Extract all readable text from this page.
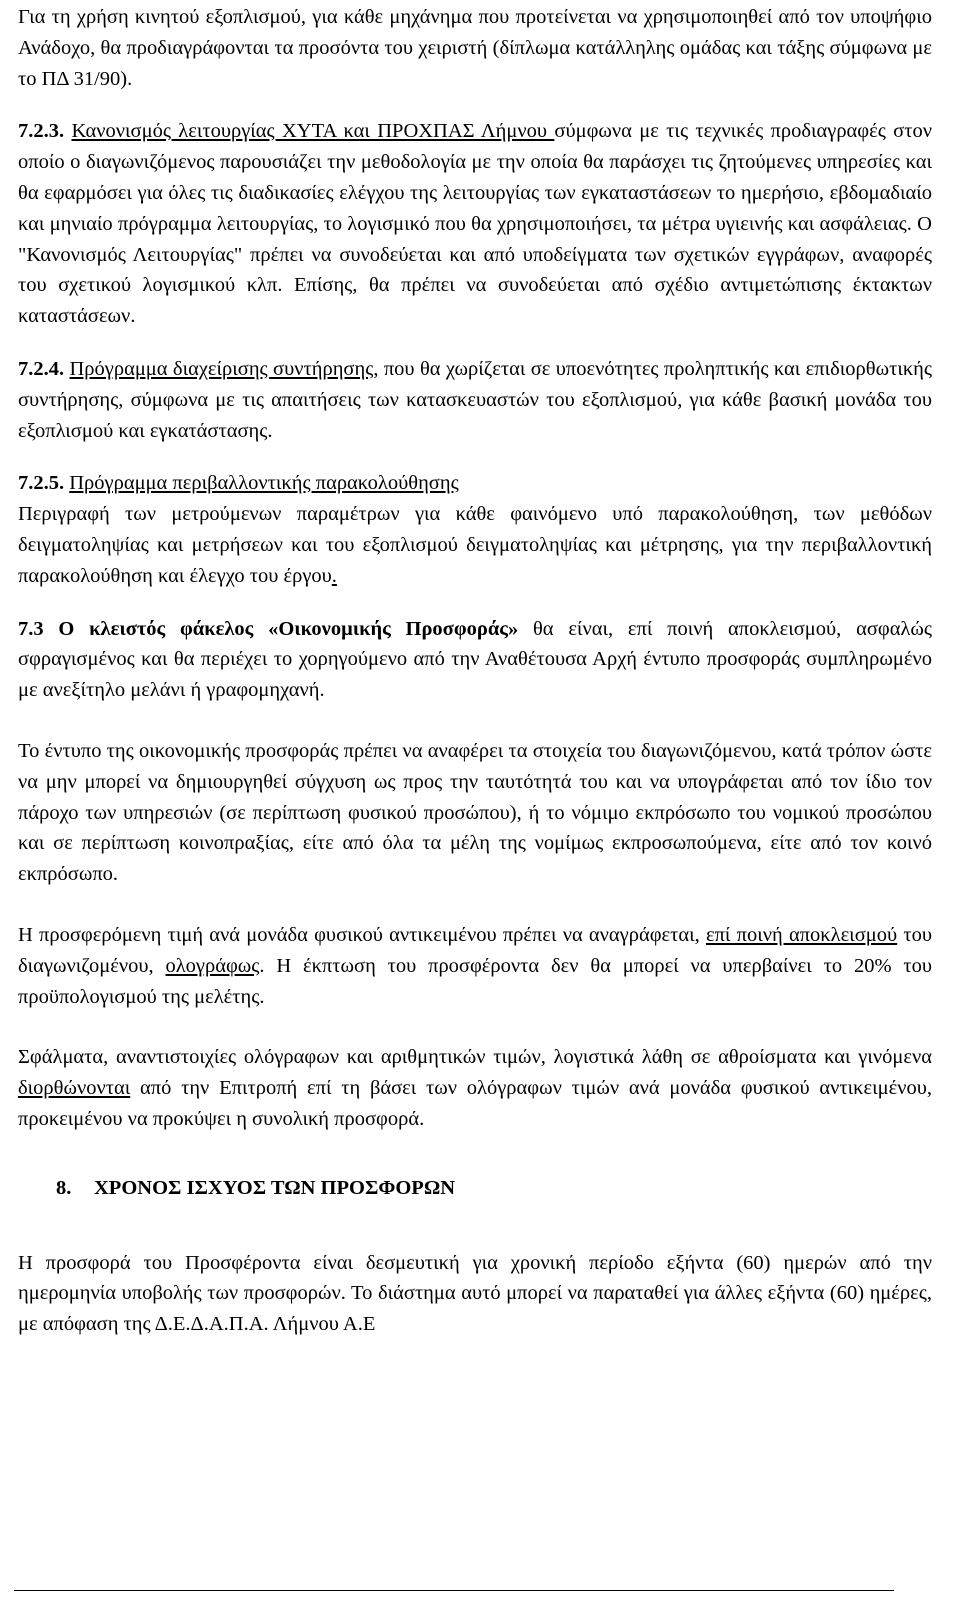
Για τη χρήση κινητού εξοπλισμού, για κάθε μηχάνημα που προτείνεται να χρησιμοποιηθεί από τον υποψήφιο Ανάδοχο, θα προδιαγράφονται τα προσόντα του χειριστή (δίπλωμα κατάλληλης ομάδας και τάξης σύμφωνα με το ΠΔ 31/90).

7.2.3. Κανονισμός λειτουργίας ΧΥΤΑ και ΠΡΟΧΠΑΣ Λήμνου σύμφωνα με τις τεχνικές προδιαγραφές στον οποίο ο διαγωνιζόμενος παρουσιάζει την μεθοδολογία με την οποία θα παράσχει τις ζητούμενες υπηρεσίες και θα εφαρμόσει για όλες τις διαδικασίες ελέγχου της λειτουργίας των εγκαταστάσεων το ημερήσιο, εβδομαδιαίο και μηνιαίο πρόγραμμα λειτουργίας, το λογισμικό που θα χρησιμοποιήσει, τα μέτρα υγιεινής και ασφάλειας. Ο "Κανονισμός Λειτουργίας" πρέπει να συνοδεύεται και από υποδείγματα των σχετικών εγγράφων, αναφορές του σχετικού λογισμικού κλπ. Επίσης, θα πρέπει να συνοδεύεται από σχέδιο αντιμετώπισης έκτακτων καταστάσεων.

7.2.4. Πρόγραμμα διαχείρισης συντήρησης, που θα χωρίζεται σε υποενότητες προληπτικής και επιδιορθωτικής συντήρησης, σύμφωνα με τις απαιτήσεις των κατασκευαστών του εξοπλισμού, για κάθε βασική μονάδα του εξοπλισμού και εγκατάστασης.

7.2.5. Πρόγραμμα περιβαλλοντικής παρακολούθησης

Περιγραφή των μετρούμενων παραμέτρων για κάθε φαινόμενο υπό παρακολούθηση, των μεθόδων δειγματοληψίας και μετρήσεων και του εξοπλισμού δειγματοληψίας και μέτρησης, για την περιβαλλοντική παρακολούθηση και έλεγχο του έργου.

7.3 Ο κλειστός φάκελος «Οικονομικής Προσφοράς» θα είναι, επί ποινή αποκλεισμού, ασφαλώς σφραγισμένος και θα περιέχει το χορηγούμενο από την Αναθέτουσα Αρχή έντυπο προσφοράς συμπληρωμένο με ανεξίτηλο μελάνι ή γραφομηχανή.

Το έντυπο της οικονομικής προσφοράς πρέπει να αναφέρει τα στοιχεία του διαγωνιζόμενου, κατά τρόπον ώστε να μην μπορεί να δημιουργηθεί σύγχυση ως προς την ταυτότητά του και να υπογράφεται από τον ίδιο τον πάροχο των υπηρεσιών (σε περίπτωση φυσικού προσώπου), ή το νόμιμο εκπρόσωπο του νομικού προσώπου και σε περίπτωση κοινοπραξίας, είτε από όλα τα μέλη της νομίμως εκπροσωπούμενα, είτε από τον κοινό εκπρόσωπο.

Η προσφερόμενη τιμή ανά μονάδα φυσικού αντικειμένου πρέπει να αναγράφεται, επί ποινή αποκλεισμού του διαγωνιζομένου, ολογράφως. Η έκπτωση του προσφέροντα δεν θα μπορεί να υπερβαίνει το 20% του προϋπολογισμού της μελέτης.

Σφάλματα, αναντιστοιχίες ολόγραφων και αριθμητικών τιμών, λογιστικά λάθη σε αθροίσματα και γινόμενα διορθώνονται από την Επιτροπή επί τη βάσει των ολόγραφων τιμών ανά μονάδα φυσικού αντικειμένου, προκειμένου να προκύψει η συνολική προσφορά.

8. ΧΡΟΝΟΣ ΙΣΧΥΟΣ ΤΩΝ ΠΡΟΣΦΟΡΩΝ

Η προσφορά του Προσφέροντα είναι δεσμευτική για χρονική περίοδο εξήντα (60) ημερών από την ημερομηνία υποβολής των προσφορών. Το διάστημα αυτό μπορεί να παραταθεί για άλλες εξήντα (60) ημέρες, με απόφαση της Δ.Ε.Δ.Α.Π.Α. Λήμνου Α.Ε
